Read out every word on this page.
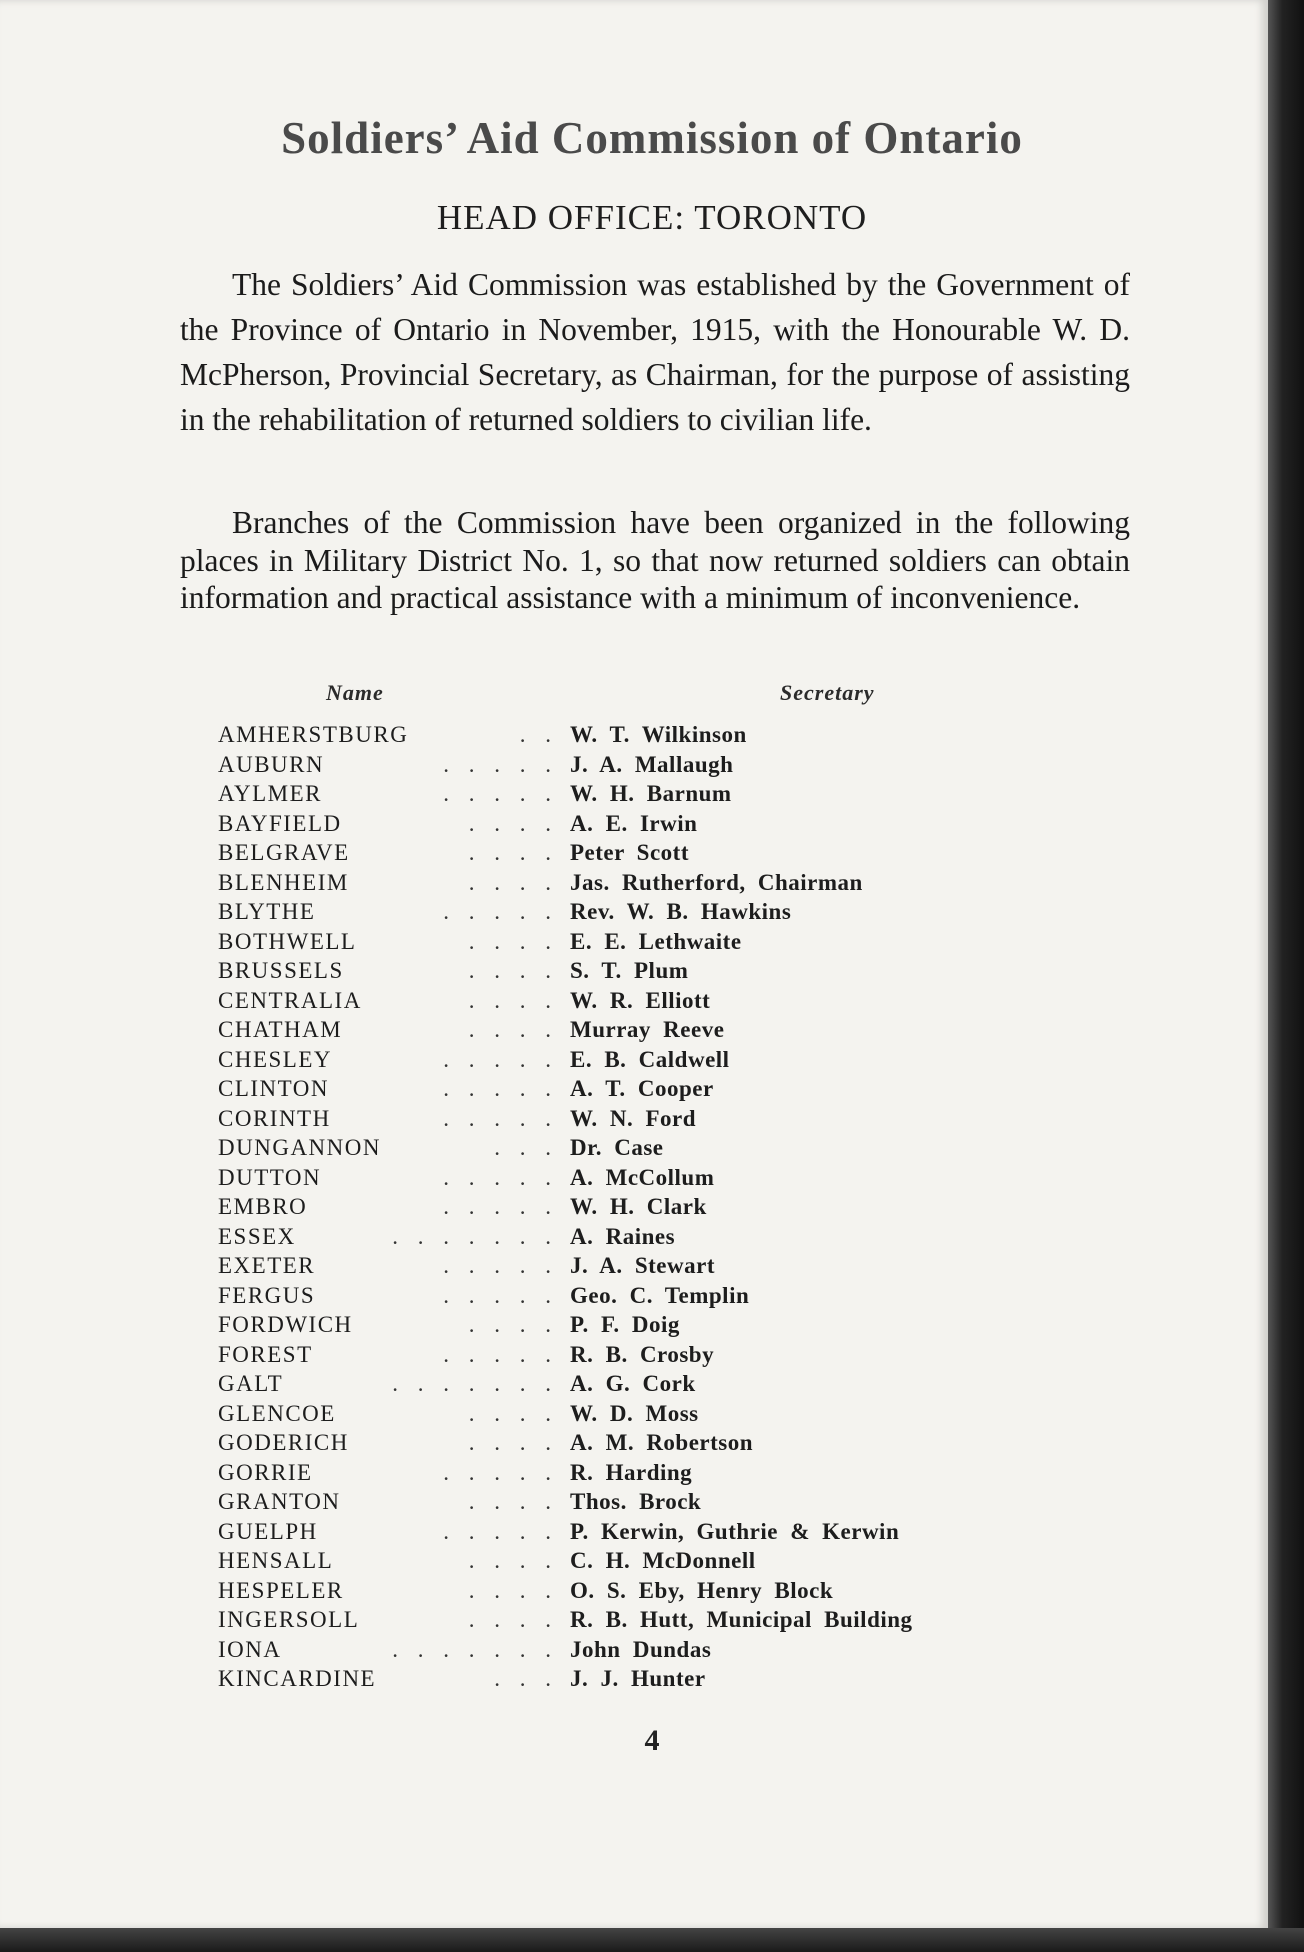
Soldiers’ Aid Commission of Ontario
HEAD OFFICE: TORONTO
The Soldiers’ Aid Commission was established by the Government of the Province of Ontario in November, 1915, with the Honourable W. D. McPherson, Provincial Secretary, as Chairman, for the purpose of assisting in the rehabilitation of returned soldiers to civilian life.
Branches of the Commission have been organized in the following places in Military District No. 1, so that now returned soldiers can obtain information and practical assistance with a minimum of inconvenience.
Name	Secretary
AMHERSTBURG	. . W. T. Wilkinson
AUBURN	. . . . . J. A. Mallaugh
AYLMER	. . . . . W. H. Barnum
BAYFIELD	. . . . A. E. Irwin
BELGRAVE	. . . . Peter Scott
BLENHEIM	. . . . Jas. Rutherford, Chairman
BLYTHE	. . . . . Rev. W. B. Hawkins
BOTHWELL	. . . . E. E. Lethwaite
BRUSSELS	. . . . S. T. Plum
CENTRALIA	. . . . W. R. Elliott
CHATHAM	. . . . Murray Reeve
CHESLEY	. . . . . E. B. Caldwell
CLINTON	. . . . . A. T. Cooper
CORINTH	. . . . . W. N. Ford
DUNGANNON	. . . Dr. Case
DUTTON	. . . . . A. McCollum
EMBRO	. . . . . W. H. Clark
ESSEX	. . . . . . . A. Raines
EXETER	. . . . . J. A. Stewart
FERGUS	. . . . . Geo. C. Templin
FORDWICH	. . . . P. F. Doig
FOREST	. . . . . R. B. Crosby
GALT	. . . . . . . A. G. Cork
GLENCOE	. . . . W. D. Moss
GODERICH	. . . . A. M. Robertson
GORRIE	. . . . . R. Harding
GRANTON	. . . . Thos. Brock
GUELPH	. . . . . P. Kerwin, Guthrie & Kerwin
HENSALL	. . . . C. H. McDonnell
HESPELER	. . . . O. S. Eby, Henry Block
INGERSOLL	. . . . R. B. Hutt, Municipal Building
IONA	. . . . . . . John Dundas
KINCARDINE	. . . J. J. Hunter
4
